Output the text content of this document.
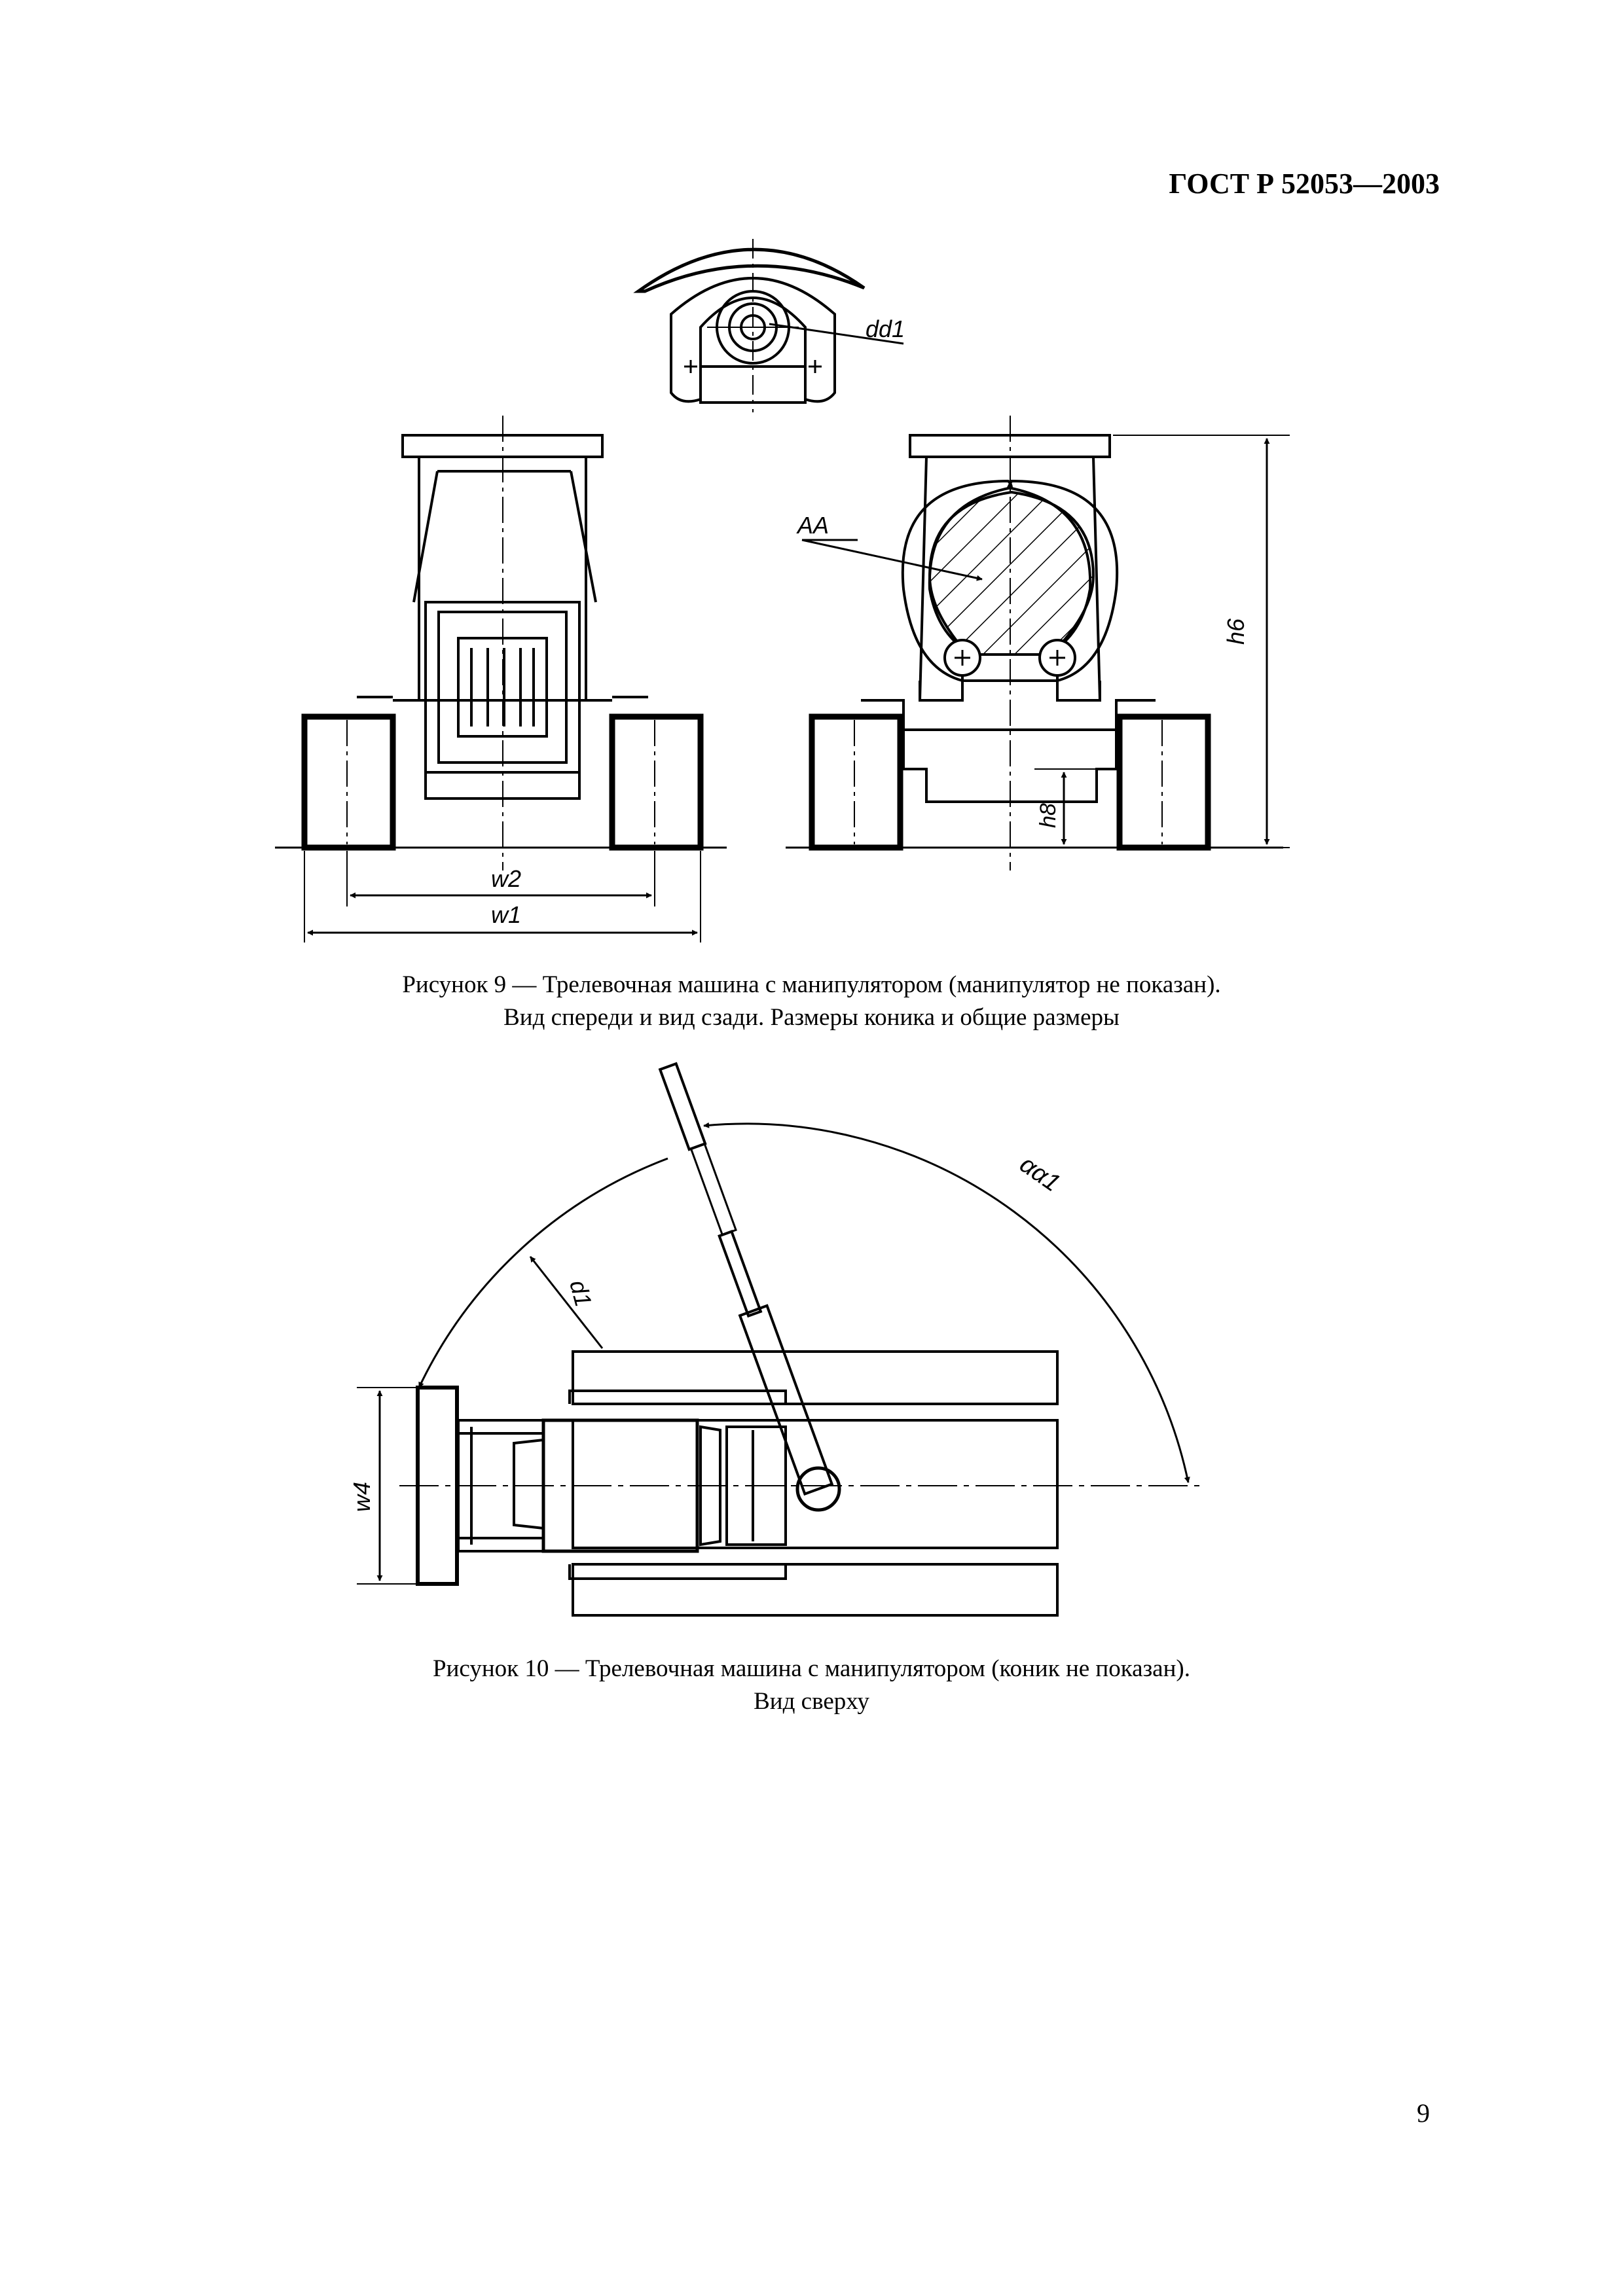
ГОСТ Р 52053—2003
dd1
AA
h6
h8
w2
w1
αα1
d1
w4
Рисунок 9 — Трелевочная машина с манипулятором (манипулятор не показан).
Вид спереди и вид сзади. Размеры коника и общие размеры
Рисунок 10 — Трелевочная машина с манипулятором (коник не показан).
Вид сверху
9
